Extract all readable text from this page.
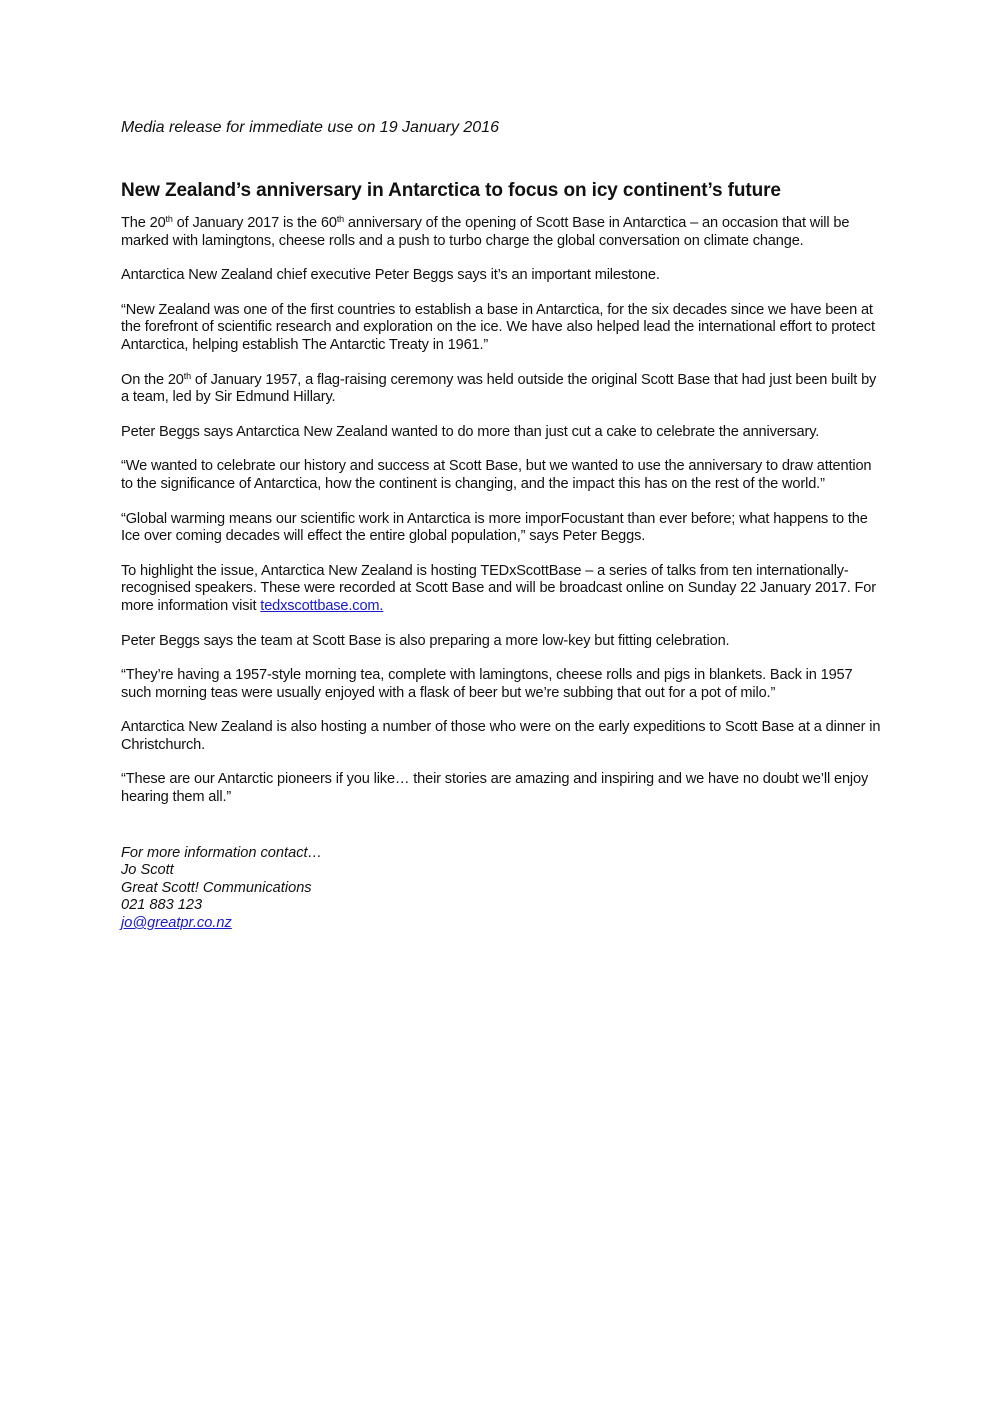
Media release for immediate use on 19 January 2016

New Zealand’s anniversary in Antarctica to focus on icy continent’s future

The 20th of January 2017 is the 60th anniversary of the opening of Scott Base in Antarctica – an occasion that will be marked with lamingtons, cheese rolls and a push to turbo charge the global conversation on climate change.

Antarctica New Zealand chief executive Peter Beggs says it’s an important milestone.

“New Zealand was one of the first countries to establish a base in Antarctica, for the six decades since we have been at the forefront of scientific research and exploration on the ice. We have also helped lead the international effort to protect Antarctica, helping establish The Antarctic Treaty in 1961.”

On the 20th of January 1957, a flag-raising ceremony was held outside the original Scott Base that had just been built by a team, led by Sir Edmund Hillary.

Peter Beggs says Antarctica New Zealand wanted to do more than just cut a cake to celebrate the anniversary.

“We wanted to celebrate our history and success at Scott Base, but we wanted to use the anniversary to draw attention to the significance of Antarctica, how the continent is changing, and the impact this has on the rest of the world.”

“Global warming means our scientific work in Antarctica is more imporFocustant than ever before; what happens to the Ice over coming decades will effect the entire global population,” says Peter Beggs.

To highlight the issue, Antarctica New Zealand is hosting TEDxScottBase – a series of talks from ten internationally-recognised speakers. These were recorded at Scott Base and will be broadcast online on Sunday 22 January 2017. For more information visit tedxscottbase.com.

Peter Beggs says the team at Scott Base is also preparing a more low-key but fitting celebration.

“They’re having a 1957-style morning tea, complete with lamingtons, cheese rolls and pigs in blankets. Back in 1957 such morning teas were usually enjoyed with a flask of beer but we’re subbing that out for a pot of milo.”

Antarctica New Zealand is also hosting a number of those who were on the early expeditions to Scott Base at a dinner in Christchurch.

“These are our Antarctic pioneers if you like… their stories are amazing and inspiring and we have no doubt we’ll enjoy hearing them all.”

For more information contact…
Jo Scott
Great Scott! Communications
021 883 123
jo@greatpr.co.nz
